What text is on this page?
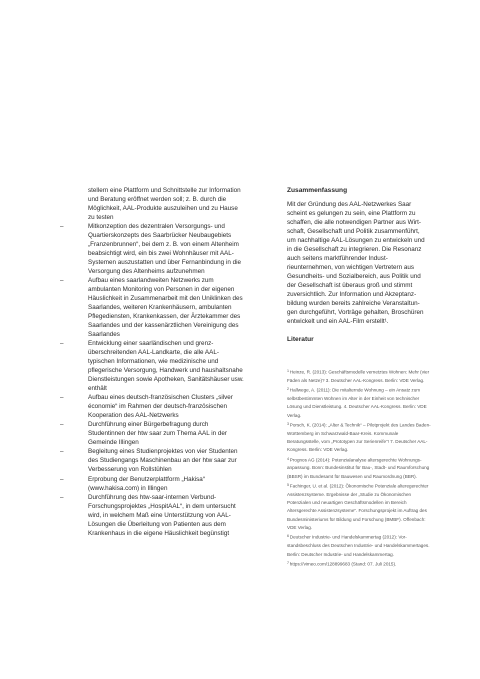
stellern eine Plattform und Schnittstelle zur Information und Beratung eröffnet werden soll; z. B. durch die Möglichkeit, AAL-Produkte auszuleihen und zu Hause zu testen

–	Mitkonzeption des dezentralen Versorgungs- und Quartierskonzepts des Saarbrücker Neubaugebiets „Franzenbrunnen“, bei dem z. B. von einem Altenheim beabsichtigt wird, ein bis zwei Wohnhäuser mit AAL-Systemen auszustatten und über Fernanbindung in die Versorgung des Altenheims aufzunehmen
–	Aufbau eines saarlandweiten Netzwerks zum ambulanten Monitoring von Personen in der eigenen Häuslichkeit in Zusammenarbeit mit den Uniklinken des Saarlandes, weiteren Krankenhäusern, ambulanten Pflegediensten, Krankenkassen, der Ärztekammer des Saarlandes und der kassenärztlichen Vereinigung des Saarlandes
–	Entwicklung einer saarländischen und grenzüberschreitenden AAL-Landkarte, die alle AAL-typischen Informationen, wie medizinische und pflegerische Versorgung, Handwerk und haushaltsnahe Dienstleistungen sowie Apotheken, Sanitätshäuser usw. enthält
–	Aufbau eines deutsch-französischen Clusters „silver économie“ im Rahmen der deutsch-französischen Kooperation des AAL-Netzwerks
–	Durchführung einer Bürgerbefragung durch Studentinnen der htw saar zum Thema AAL in der Gemeinde Illingen
–	Begleitung eines Studienprojektes von vier Studenten des Studiengangs Maschinenbau an der htw saar zur Verbesserung von Rollstühlen
–	Erprobung der Benutzerplattform „Hakisa“ (www.hakisa.com) in Illingen
–	Durchführung des htw-saar-internen Verbund-Forschungsprojektes „HospitAAL“, in dem untersucht wird, in welchem Maß eine Unterstützung von AAL-Lösungen die Überleitung von Patienten aus dem Krankenhaus in die eigene Häuslichkeit begünstigt
Zusammenfassung

Mit der Gründung des AAL-Netzwerkes Saar scheint es gelungen zu sein, eine Plattform zu schaffen, die alle notwendigen Partner aus Wirtschaft, Gesellschaft und Politik zusammenführt, um nachhaltige AAL-Lösungen zu entwickeln und in die Gesellschaft zu integrieren. Die Resonanz auch seitens marktführender Industrieunternehmen, von wichtigen Vertretern aus Gesundheits- und Sozialbereich, aus Politik und der Gesellschaft ist überaus groß und stimmt zuversichtlich. Zur Information und Akzeptanzbildung wurden bereits zahlreiche Veranstaltungen durchgeführt, Vorträge gehalten, Broschüren entwickelt und ein AAL-Film erstellt¹.

Literatur

$^1$Heinze, R. (2013): Geschäftsmodelle vernetztes Wohnen: Mehr (vier Fäden als Netze)? 3. Deutscher AAL-Kongress. Berlin: VDE Verlag.

$^2$Hallwege, A. (2011): Die mitalternde Wohnung – ein Ansatz zum selbstbestimmten Wohnen im Alter in der Einheit von technischer Lösung und Dienstleistung. 4. Deutscher AAL-Kongress. Berlin: VDE Verlag.

$^3$Porsch, K. (2014): „Alter & Technik“ – Pilotprojekt des Landes Baden-Württemberg im Schwarzwald-Baar-Kreis. Kommunale Beratungsstelle, vom „Prototypen zur Serienreife“! 7. Deutscher AAL-Kongress. Berlin: VDE Verlag.

$^4$Prognos AG (2014): Potenzialanalyse altersgerechte Wohnungsanpassung. Bonn: Bundesinstitut für Bau-, Stadt- und Raumforschung (BBSR) im Bundesamt für Bauwesen und Raumordnung (BBR).

$^5$Fachinger, U. et al. (2012): Ökonomische Potenziale alteregerechter Assistenzsysteme. Ergebnisse der „Studie zu Ökonomischen Potenzialen und neuartigen Geschäftsmodellen im Bereich Altersgerechte Assistenzsysteme“. Forschungsprojekt im Auftrag des Bundesministeriums für Bildung und Forschung (BMBF). Offenbach: VDE Verlag.

$^6$Deutscher Industrie- und Handelskammertag (2012): Vorstandsbeschluss des Deutschen Industrie- und Handelskammertages. Berlin: Deutscher Industrie- und Handelskammertag.

$^7$https://vimeo.com/128899683 (Stand: 07. Juli 2015).
